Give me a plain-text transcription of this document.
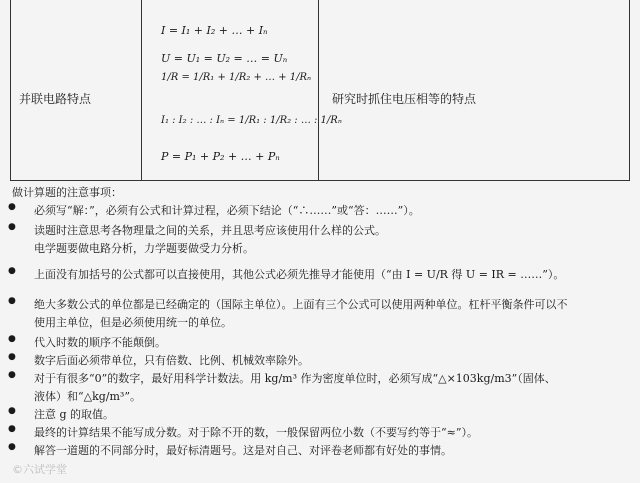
并联电路特点
I = I₁ + I₂ + … + Iₙ
U = U₁ = U₂ = … = Uₙ
1/R = 1/R₁ + 1/R₂ + … + 1/Rₙ
I₁ : I₂ : … : Iₙ = 1/R₁ : 1/R₂ : … : 1/Rₙ
P = P₁ + P₂ + … + Pₙ
研究时抓住电压相等的特点
做计算题的注意事项：
● 必须写“解：”，必须有公式和计算过程，必须下结论（“∴……”或“答：……”）。
● 读题时注意思考各物理量之间的关系，并且思考应该使用什么样的公式。
电学题要做电路分析，力学题要做受力分析。
● 上面没有加括号的公式都可以直接使用，其他公式必须先推导才能使用（“由 I = U/R 得 U = IR = ……”）。
● 绝大多数公式的单位都是已经确定的（国际主单位）。上面有三个公式可以使用两种单位。杠杆平衡条件可以不
使用主单位，但是必须使用统一的单位。
● 代入时数的顺序不能颠倒。
● 数字后面必须带单位，只有倍数、比例、机械效率除外。
● 对于有很多“0”的数字，最好用科学计数法。用 kg/m³ 作为密度单位时，必须写成“△×103kg/m3”（固体、
液体）和“△kg/m³”。
● 注意 g 的取值。
● 最终的计算结果不能写成分数。对于除不开的数，一般保留两位小数（不要写约等于“≈”）。
● 解答一道题的不同部分时，最好标清题号。这是对自己、对评卷老师都有好处的事情。
©六试学堂
